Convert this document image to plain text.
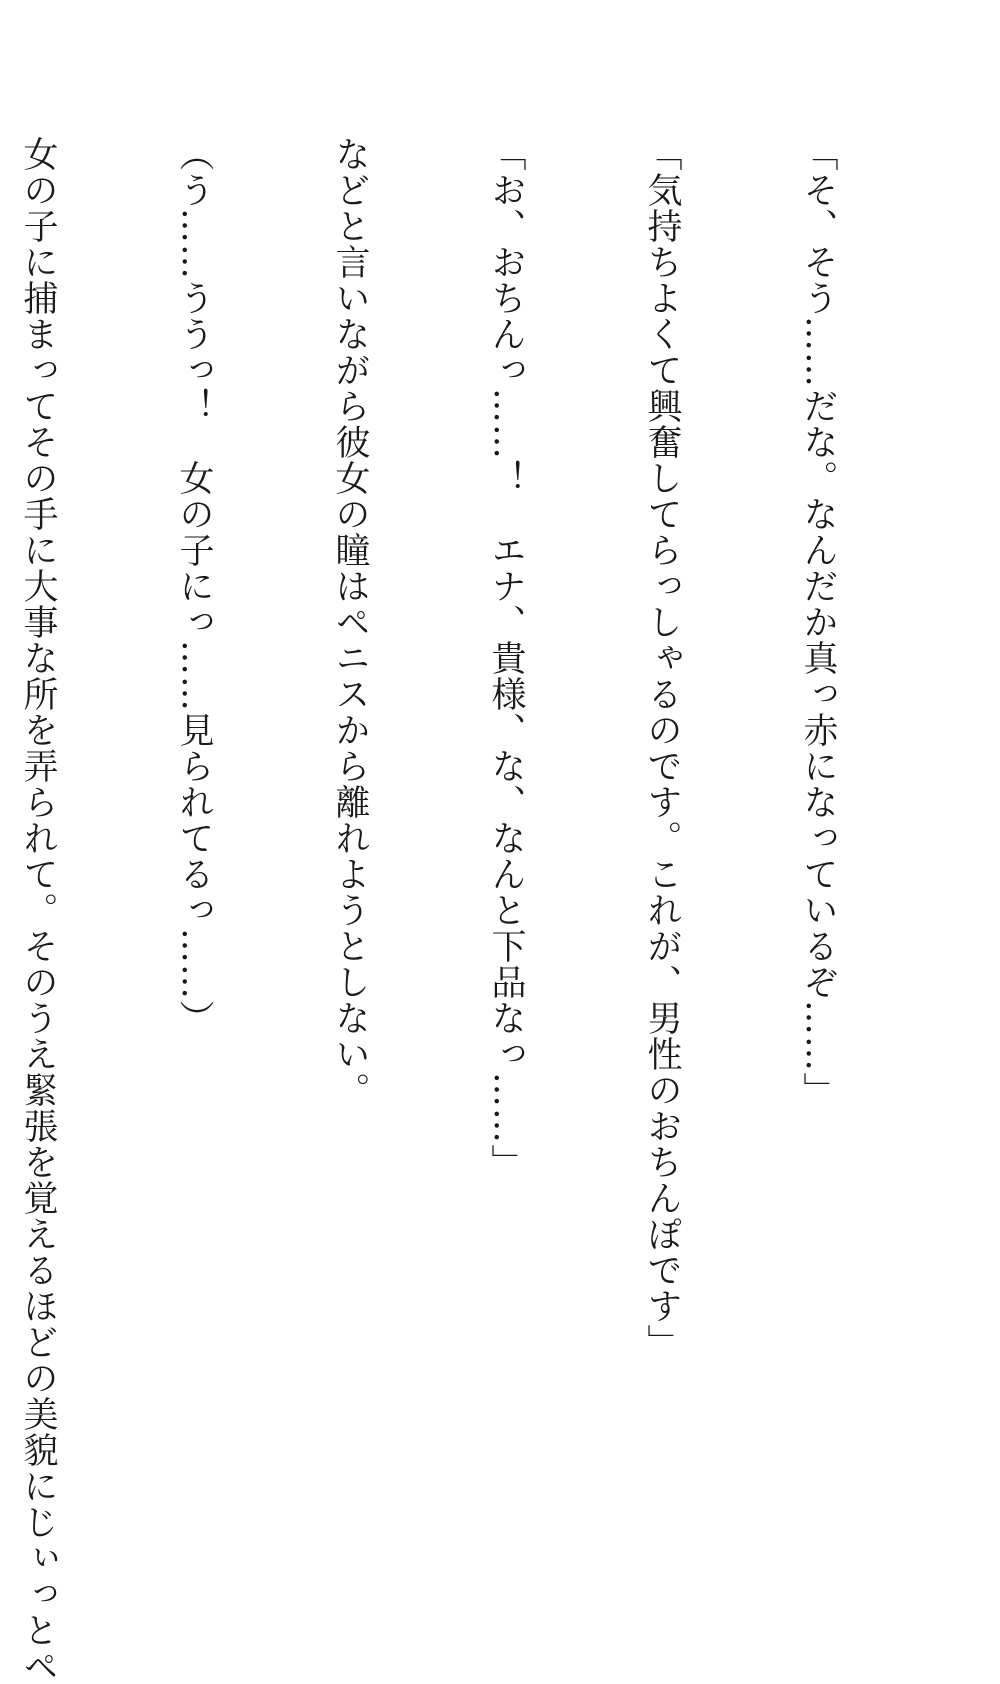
「そ、そう……だな。なんだか真っ赤になっているぞ……」

「気持ちよくて興奮してらっしゃるのです。これが、男性のおちんぽです」

「お、おちんっ……！　エナ、貴様、な、なんと下品なっ……」

などと言いながら彼女の瞳はペニスから離れようとしない。

（う……ううっ！　女の子にっ……見られてるっ……）

女の子に捕まってその手に大事な所を弄られて。そのうえ緊張を覚えるほどの美貌にじぃっとペ
